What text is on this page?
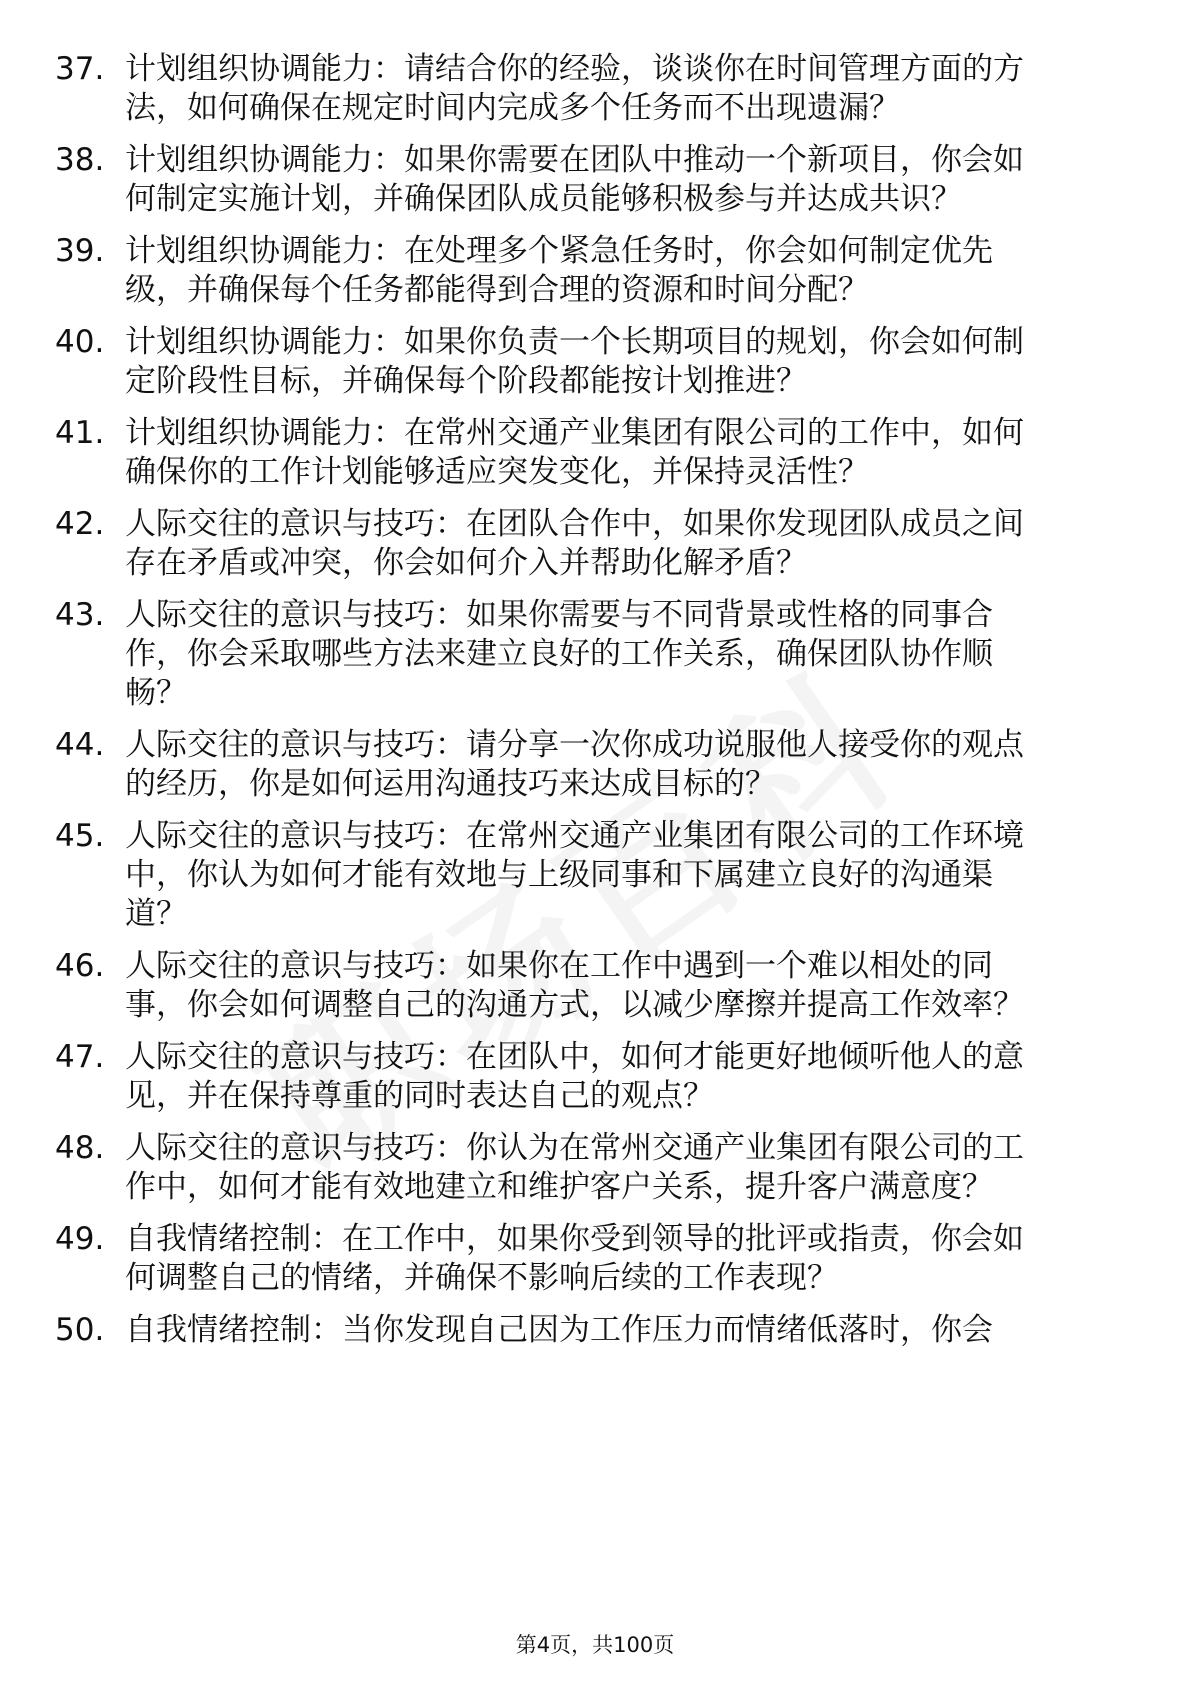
37. 计划组织协调能力：请结合你的经验，谈谈你在时间管理方面的方法，如何确保在规定时间内完成多个任务而不出现遗漏？
38. 计划组织协调能力：如果你需要在团队中推动一个新项目，你会如何制定实施计划，并确保团队成员能够积极参与并达成共识？
39. 计划组织协调能力：在处理多个紧急任务时，你会如何制定优先级，并确保每个任务都能得到合理的资源和时间分配？
40. 计划组织协调能力：如果你负责一个长期项目的规划，你会如何制定阶段性目标，并确保每个阶段都能按计划推进？
41. 计划组织协调能力：在常州交通产业集团有限公司的工作中，如何确保你的工作计划能够适应突发变化，并保持灵活性？
42. 人际交往的意识与技巧：在团队合作中，如果你发现团队成员之间存在矛盾或冲突，你会如何介入并帮助化解矛盾？
43. 人际交往的意识与技巧：如果你需要与不同背景或性格的同事合作，你会采取哪些方法来建立良好的工作关系，确保团队协作顺畅？
44. 人际交往的意识与技巧：请分享一次你成功说服他人接受你的观点的经历，你是如何运用沟通技巧来达成目标的？
45. 人际交往的意识与技巧：在常州交通产业集团有限公司的工作环境中，你认为如何才能有效地与上级同事和下属建立良好的沟通渠道？
46. 人际交往的意识与技巧：如果你在工作中遇到一个难以相处的同事，你会如何调整自己的沟通方式，以减少摩擦并提高工作效率？
47. 人际交往的意识与技巧：在团队中，如何才能更好地倾听他人的意见，并在保持尊重的同时表达自己的观点？
48. 人际交往的意识与技巧：你认为在常州交通产业集团有限公司的工作中，如何才能有效地建立和维护客户关系，提升客户满意度？
49. 自我情绪控制：在工作中，如果你受到领导的批评或指责，你会如何调整自己的情绪，并确保不影响后续的工作表现？
50. 自我情绪控制：当你发现自己因为工作压力而情绪低落时，你会
第4页，共100页
